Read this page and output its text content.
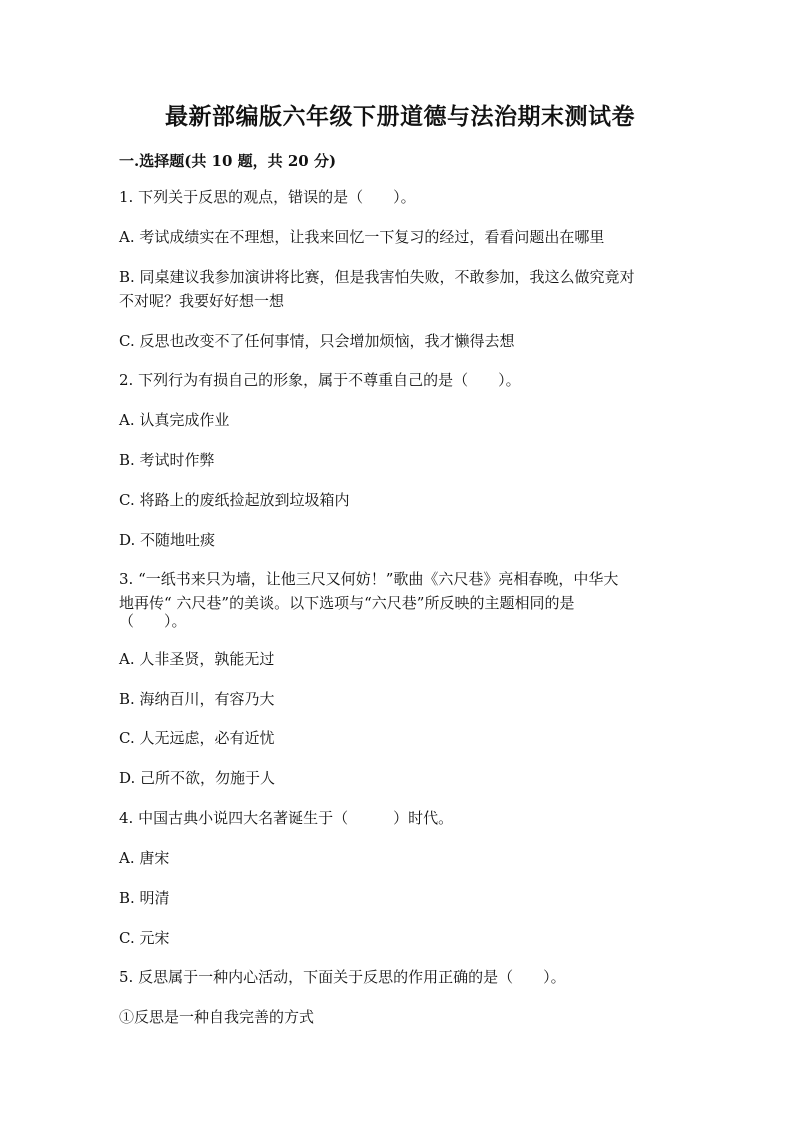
最新部编版六年级下册道德与法治期末测试卷
一.选择题(共 10 题，共 20 分)
1. 下列关于反思的观点，错误的是（　　）。
A. 考试成绩实在不理想，让我来回忆一下复习的经过，看看问题出在哪里
B. 同桌建议我参加演讲将比赛，但是我害怕失败，不敢参加，我这么做究竟对
不对呢？我要好好想一想
C. 反思也改变不了任何事情，只会增加烦恼，我才懒得去想
2. 下列行为有损自己的形象，属于不尊重自己的是（　　）。
A. 认真完成作业
B. 考试时作弊
C. 将路上的废纸捡起放到垃圾箱内
D. 不随地吐痰
3. “一纸书来只为墙，让他三尺又何妨！”歌曲《六尺巷》亮相春晚，中华大
地再传“ 六尺巷”的美谈。以下选项与“六尺巷”所反映的主题相同的是
（　　）。
A. 人非圣贤，孰能无过
B. 海纳百川，有容乃大
C. 人无远虑，必有近忧
D. 己所不欲，勿施于人
4. 中国古典小说四大名著诞生于（　　　）时代。
A. 唐宋
B. 明清
C. 元宋
5. 反思属于一种内心活动，下面关于反思的作用正确的是（　　）。
①反思是一种自我完善的方式
